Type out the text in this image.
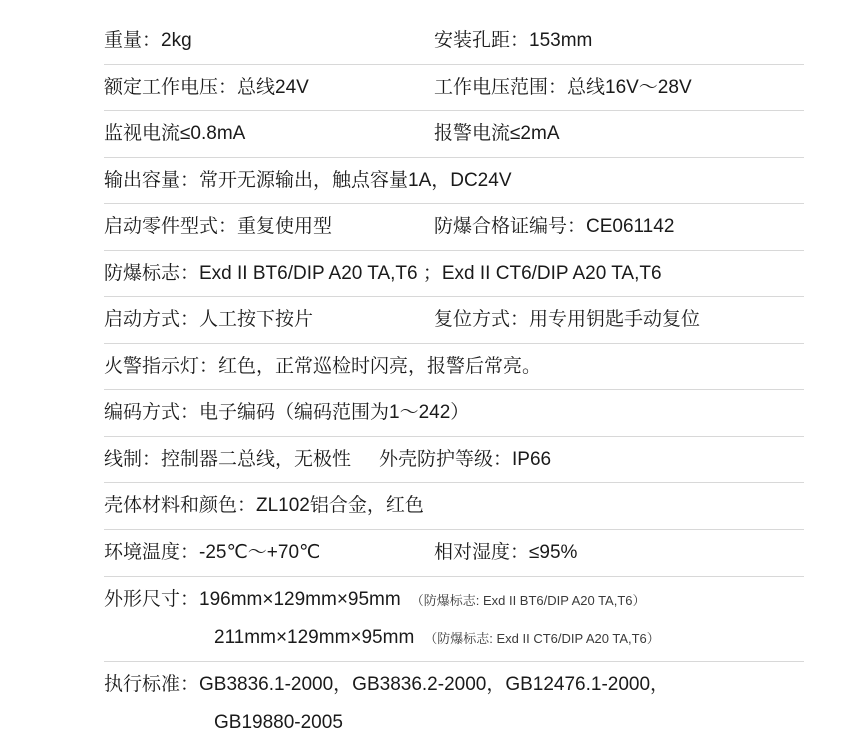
重量：2kg	安装孔距：153mm
额定工作电压：总线24V	工作电压范围：总线16V～28V
监视电流≤0.8mA	报警电流≤2mA
输出容量：常开无源输出，触点容量1A，DC24V
启动零件型式：重复使用型	防爆合格证编号：CE061142
防爆标志：Exd II BT6/DIP A20 TA,T6 ；Exd II CT6/DIP A20 TA,T6
启动方式：人工按下按片	复位方式：用专用钥匙手动复位
火警指示灯：红色，正常巡检时闪亮，报警后常亮。
编码方式：电子编码（编码范围为1～242）
线制：控制器二总线，无极性 外壳防护等级：IP66
壳体材料和颜色：ZL102铝合金，红色
环境温度：-25℃～+70℃	相对湿度：≤95%
外形尺寸： 196mm×129mm×95mm （防爆标志: Exd II BT6/DIP A20 TA,T6）
211mm×129mm×95mm （防爆标志: Exd II CT6/DIP A20 TA,T6）
执行标准： GB3836.1-2000，GB3836.2-2000，GB12476.1-2000，
GB19880-2005
